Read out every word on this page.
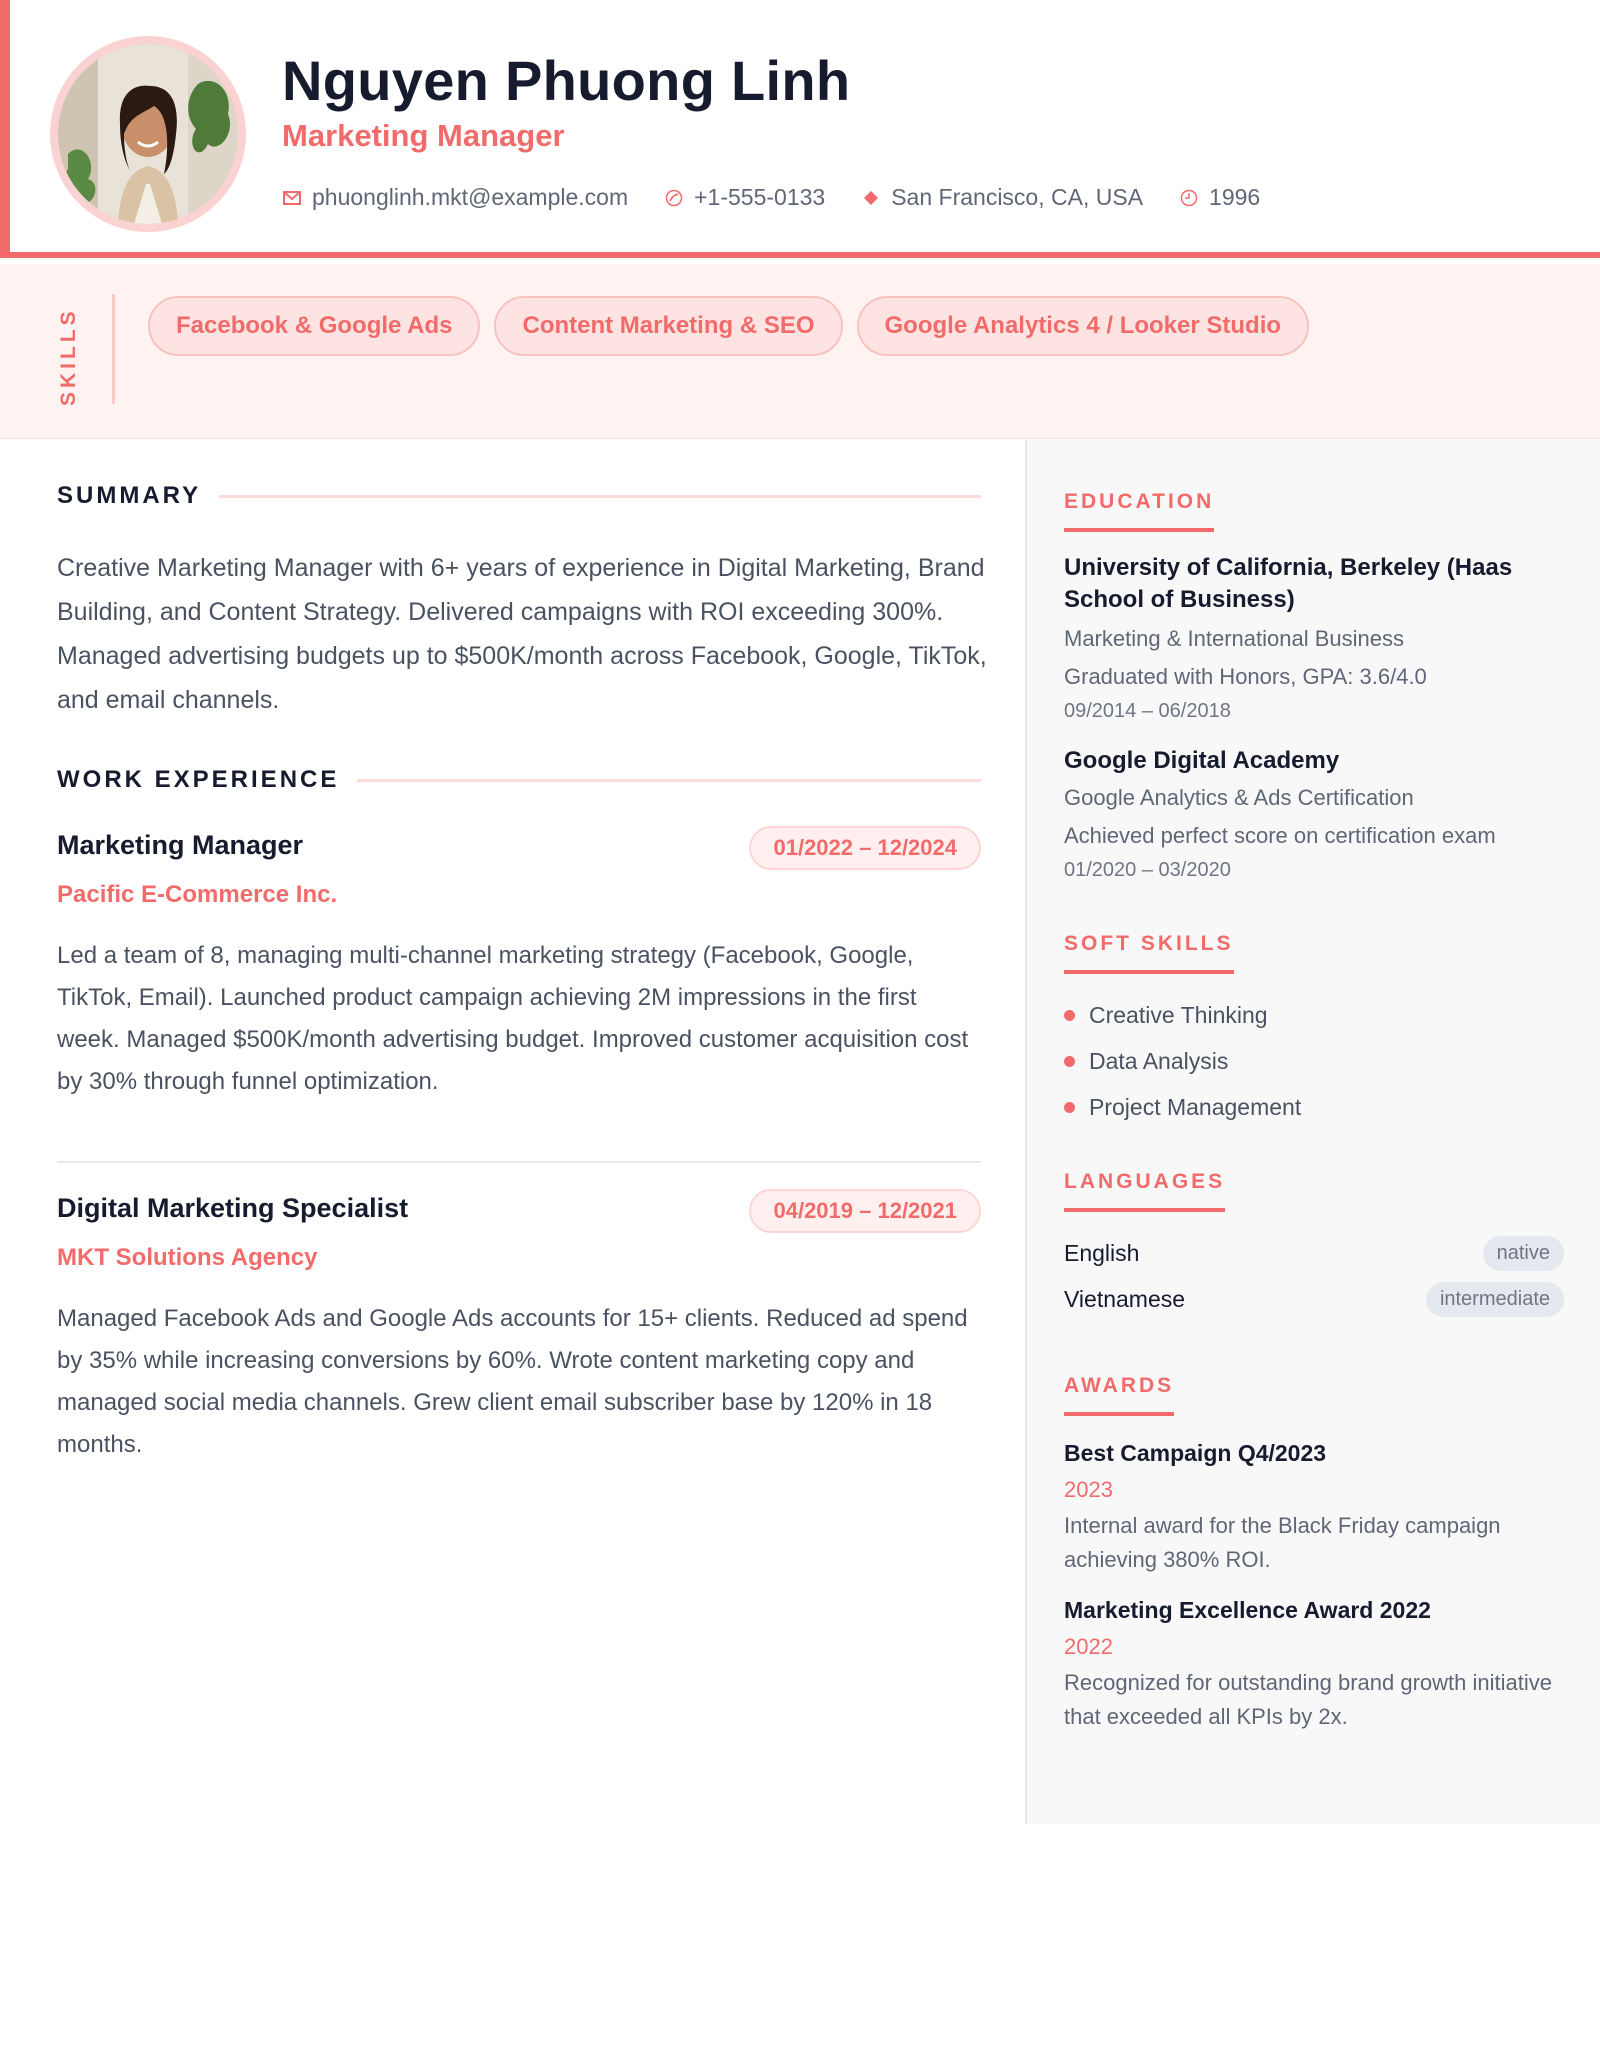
Nguyen Phuong Linh
Marketing Manager
phuonglinh.mkt@example.com	+1-555-0133	San Francisco, CA, USA	1996
SKILLS	Facebook & Google Ads	Content Marketing & SEO	Google Analytics 4 / Looker Studio
SUMMARY

Creative Marketing Manager with 6+ years of experience in Digital Marketing, Brand Building, and Content Strategy. Delivered campaigns with ROI exceeding 300%. Managed advertising budgets up to $500K/month across Facebook, Google, TikTok, and email channels.

WORK EXPERIENCE
Marketing Manager	01/2022 – 12/2024
Pacific E-Commerce Inc.

Led a team of 8, managing multi-channel marketing strategy (Facebook, Google, TikTok, Email). Launched product campaign achieving 2M impressions in the first week. Managed $500K/month advertising budget. Improved customer acquisition cost by 30% through funnel optimization.

Digital Marketing Specialist	04/2019 – 12/2021
MKT Solutions Agency

Managed Facebook Ads and Google Ads accounts for 15+ clients. Reduced ad spend by 35% while increasing conversions by 60%. Wrote content marketing copy and managed social media channels. Grew client email subscriber base by 120% in 18 months.

EDUCATION
University of California, Berkeley (Haas School of Business)
Marketing & International Business
Graduated with Honors, GPA: 3.6/4.0
09/2014 – 06/2018
Google Digital Academy
Google Analytics & Ads Certification
Achieved perfect score on certification exam
01/2020 – 03/2020
SOFT SKILLS
Creative Thinking
Data Analysis
Project Management
LANGUAGES
English	native
Vietnamese	intermediate
AWARDS
Best Campaign Q4/2023
2023
Internal award for the Black Friday campaign achieving 380% ROI.
Marketing Excellence Award 2022
2022
Recognized for outstanding brand growth initiative that exceeded all KPIs by 2x.
